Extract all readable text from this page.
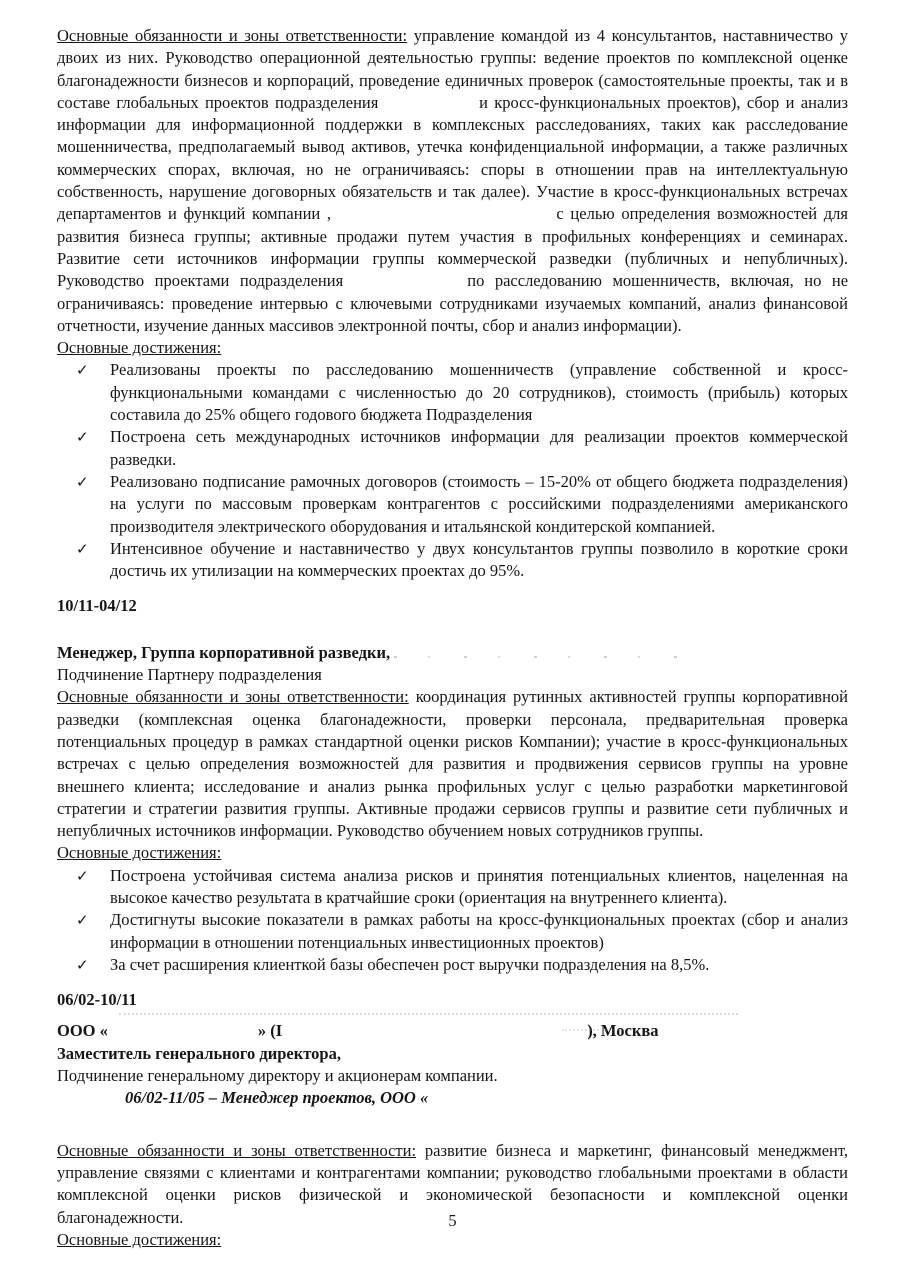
Основные обязанности и зоны ответственности: управление командой из 4 консультантов, наставничество у двоих из них. Руководство операционной деятельностью группы: ведение проектов по комплексной оценке благонадежности бизнесов и корпораций, проведение единичных проверок (самостоятельные проекты, так и в составе глобальных проектов подразделения	и кросс-функциональных проектов), сбор и анализ информации для информационной поддержки в комплексных расследованиях, таких как расследование мошенничества, предполагаемый вывод активов, утечка конфиденциальной информации, а также различных коммерческих спорах, включая, но не ограничиваясь: споры в отношении прав на интеллектуальную собственность, нарушение договорных обязательств и так далее). Участие в кросс-функциональных встречах департаментов и функций компании ,	с целью определения возможностей для развития бизнеса группы; активные продажи путем участия в профильных конференциях и семинарах. Развитие сети источников информации группы коммерческой разведки (публичных и непубличных). Руководство проектами подразделения	по расследованию мошенничеств, включая, но не ограничиваясь: проведение интервью с ключевыми сотрудниками изучаемых компаний, анализ финансовой отчетности, изучение данных массивов электронной почты, сбор и анализ информации).

Основные достижения:

✓ Реализованы проекты по расследованию мошенничеств (управление собственной и кросс-функциональными командами с численностью до 20 сотрудников), стоимость (прибыль) которых составила до 25% общего годового бюджета Подразделения
✓ Построена сеть международных источников информации для реализации проектов коммерческой разведки.
✓ Реализовано подписание рамочных договоров (стоимость – 15-20% от общего бюджета подразделения) на услуги по массовым проверкам контрагентов с российскими подразделениями американского производителя электрического оборудования и итальянской кондитерской компанией.
✓ Интенсивное обучение и наставничество у двух консультантов группы позволило в короткие сроки достичь их утилизации на коммерческих проектах до 95%.

10/11-04/12

Менеджер, Группа корпоративной разведки,

Подчинение Партнеру подразделения

Основные обязанности и зоны ответственности: координация рутинных активностей группы корпоративной разведки (комплексная оценка благонадежности, проверки персонала, предварительная проверка потенциальных процедур в рамках стандартной оценки рисков Компании); участие в кросс-функциональных встречах с целью определения возможностей для развития и продвижения сервисов группы на уровне внешнего клиента; исследование и анализ рынка профильных услуг с целью разработки маркетинговой стратегии и стратегии развития группы. Активные продажи сервисов группы и развитие сети публичных и непубличных источников информации. Руководство обучением новых сотрудников группы.

Основные достижения:

✓ Построена устойчивая система анализа рисков и принятия потенциальных клиентов, нацеленная на высокое качество результата в кратчайшие сроки (ориентация на внутреннего клиента).
✓ Достигнуты высокие показатели в рамках работы на кросс-функциональных проектах (сбор и анализ информации в отношении потенциальных инвестиционных проектов)
✓ За счет расширения клиенткой базы обеспечен рост выручки подразделения на 8,5%.

06/02-10/11

ООО «	» (I	), Москва

Заместитель генерального директора,

Подчинение генеральному директору и акционерам компании.

06/02-11/05 – Менеджер проектов, ООО «

Основные обязанности и зоны ответственности: развитие бизнеса и маркетинг, финансовый менеджмент, управление связями с клиентами и контрагентами компании; руководство глобальными проектами в области комплексной оценки рисков физической и экономической безопасности и комплексной оценки благонадежности.

Основные достижения:

5
